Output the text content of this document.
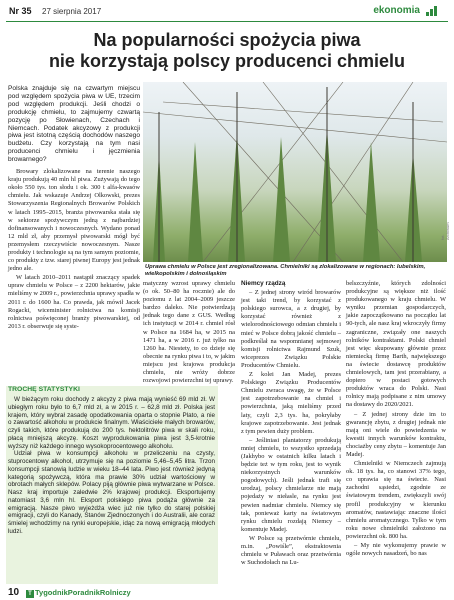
Nr 35 27 sierpnia 2017	ekonomia
Na popularności spożycia piwa
nie korzystają polscy producenci chmielu

Polska znajduje się na czwartym miejscu pod względem spożycia piwa w UE, trzecim pod względem produkcji. Jeśli chodzi o produkcję chmielu, to zajmujemy czwartą pozycję po Słowienach, Czechach i Niemcach. Podatek akcyzowy z produkcji piwa jest istotną częścią dochodów naszego budżetu. Czy korzystają na tym nasi producenci chmielu i jęczmienia browarnego?

Browary zlokalizowane na terenie naszego kraju produkują 40 mln hl piwa. Zużywają do tego około 550 tys. ton słodu i ok. 300 t alfa-kwasów chmielu. Jak wskazuje Andrzej Olkowski, prezes Stowarzyszenia Regionalnych Browarów Polskich w latach 1995–2015, branża piwowarska stała się w sektorze spożywczym jedną z najbardziej dofinansowanych i nowoczesnych. Wydano ponad 12 mld zł, aby przemysł piwowarski mógł być przemysłem rzeczywiście nowoczesnym. Nasze produkty i technologie są na tym samym poziomie, co produkty z tzw. starej piwnej Europy jest jednak jedno ale.

W latach 2010–2011 nastąpił znaczący spadek upraw chmielu w Polsce – z 2200 hektarów, jakie mieliśmy w 2009 r., powierzchnia uprawy spadła w 2011 r. do 1600 ha. Co prawda, jak mówił Jacek Rogacki, wiceminister rolnictwa na komisji rolnictwa poświęconej branży piwowarskiej, od 2013 r. obserwuje się syste-

fot. Archiwum
Uprawa chmielu w Polsce jest zregionalizowana. Chmielniki są zlokalizowane w regionach: lubelskim, wielkopolskim i dolnośląskim

matyczny wzrost uprawy chmielu (o ok. 50–80 ha rocznie) ale do poziomu z lat 2004–2009 jeszcze bardzo daleko. Nie potwierdzają jednak tego dane z GUS. Według ich instytucji w 2014 r. chmiel rósł w Polsce na 1684 ha, w 2015 na 1471 ha, a w 2016 r. już tylko na 1260 ha. Niestety, to co dzieje się obecnie na rynku piwa i to, w jakim miejscu jest krajowa produkcja chmielu, nie wróży dobrze rozwojowi powierzchni tej uprawy.

Niemcy rządzą

– Z jednej strony wiród browarów jest taki trend, by korzystać z polskiego surowca, a z drugiej, by korzystać również z wielorodnościowego odmian chmielu i mieć w Polsce dobrą jakość chmielu – podkreślał na wspomnianej sejmowej komisji rolnictwa Rajmund Szuk, wiceprezes Związku Polskie Producentów Chmielu.

Z kolei Jan Madej, prezes Polskiego Związku Producentów Chmielu zwraca uwagę, że w Polsce jest zapotrzebowanie na chmiel i powierzchnia, jaką mieliśmy przed laty, czyli 2,3 tys. ha, pokryłaby krajowe zapotrzebowanie. Jest jednak z tym pewien duży problem.

– Jeśliniasi plantatorzy produkują mniej chmielu, to wszystko sprzedają (Jakhybo w ostatnich kilku latach i będzie też w tym roku, jest to wynik niekorzystnych warunków pogodowych). Jeśli jednak trafi się urodzaj, polscy chmielarze nie mają pojedaży w niełasle, na rynku jest pewien nadmiar chmielu. Niemcy się tak, ponieważ karty na światowym rynku chmielu rozdają Niemcy – komentuje Madej.

W Polsce są przetwórnie chmielu, m.in. „Powiśle”, ekstraktownia chmielu w Puławach oraz przetwórnia w Suchodołach na Lu-

belszczyźnie, których zdolności produkcyjne są większe niż ilość produkowanego w kraju chmielu. W wyniku przemian gospodarczych, jakie zapoczątkowano na początku lat 90-tych, ale nasz kraj wkroczyły firmy zagraniczne, związały one naszych rolników kontraktami. Polski chmiel jest więc skupowany głównie przez niemiecką firmę Barth, największego na świecie dostawcę produktów chmielowych, tam jest przerabiany, a dopiero w postaci gotowych produktów wraca do Polski. Nasi rolnicy mają podpisane z nim umowy na dostawy do 2020/2021.

– Z jednej strony dzie im to gwarancję zbytu, z drugiej jednak nie mają oni wiele do powiedzenia w kwestii innych warunków kontraktu, chociażby ceny zbytu – komentuje Jan Madej.

Chmielniki w Niemczech zajmują ok. 18 tys. ha, co stanowi 37% tego, co uprawia się na świecie. Nasi zachodni sąsiedzi, zgodnie ze światowym trendem, zwiększyli swój profil produkcyjny w kierunku aromatów, nastawiając znaczne ilości chmielu aromatycznego. Tylko w tym roku nowe chmielniki założono na powierzchni ok. 800 ha.

– My nie wykonujemy prawie w ogóle nowych nasadzeń, bo nas

TROCHĘ STATYSTYKI

W bieżącym roku dochody z akcyzy z piwa mają wynieść 69 mld zł. W ubiegłym roku było to 6,7 mld zł, a w 2015 r. – 62,8 mld zł. Polska jest krajem, który wybrał zasadę opodatkowania oparta o stopnie Plato, a nie o zawartość alkoholu w produkcie finalnym. Właściciele małych browarów, czyli takich, które produkują do 200 tys. hektolitrów piwa w skali roku, płacą mniejszą akcyzę. Koszt wyprodukowania piwa jest 3,5-krotnie wyższy niż każdego innego wysokoprocentowego alkoholu.

Udział piwa w konsumpcji alkoholu w przeliczeniu na czysty, stuprocentowy alkohol, utrzymuje się na poziomie 5,46–5,45 litra. Trzon konsumpcji stanowią ludzie w wieku 18–44 lata. Piwo jest również jedyną kategorią spożywczą, która ma prawie 30% udział wartościowy w obrotach małych sklepów. Polacy piją głównie piwa wytwarzane w Polsce. Nasz kraj importuje zaledwie 2% krajowej produkcji. Eksportujemy natomiast 3,6 mln hl. Eksport polskiego piwa podąża głównie za emigracją. Nasze piwo wyjeżdża wiec już nie tylko do starej polskiej emigracji, czyli do Kanady, Stanów Zjednoczonych i do Australii, ale coraz śmielej wchodzimy na rynki europejskie, idąc za nową emigracją młodych ludzi.

10	T TygodnikPoradnikRolniczy
